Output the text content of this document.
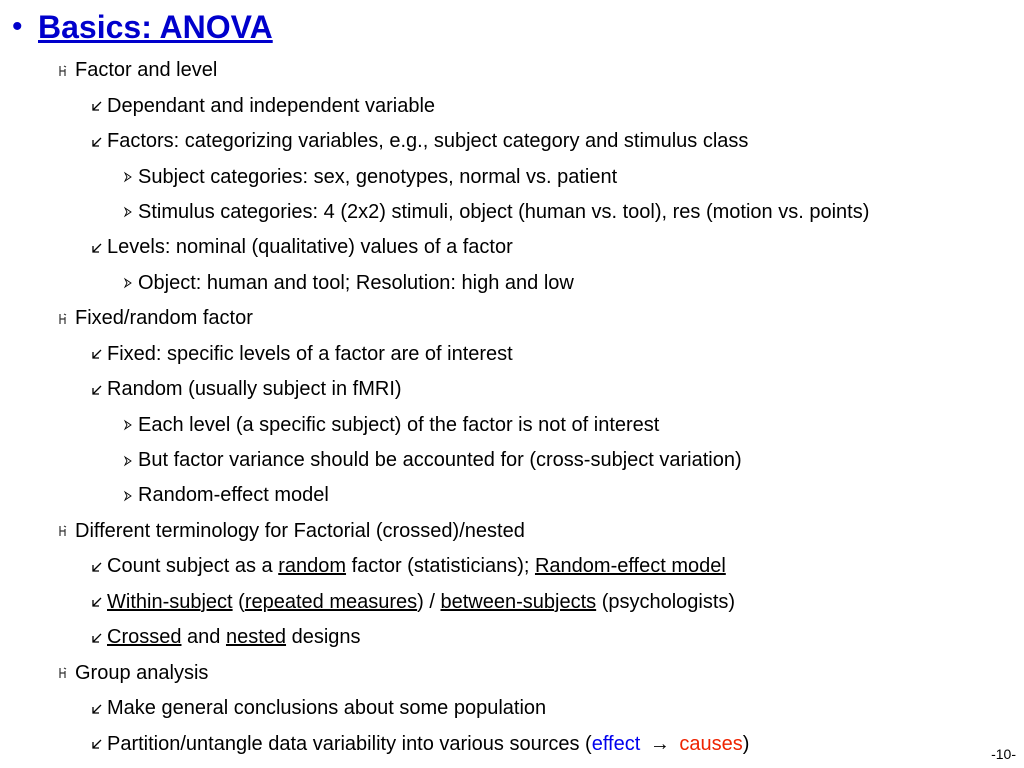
• Basics: ANOVA
Factor and level
Dependant and independent variable
Factors: categorizing variables, e.g., subject category and stimulus class
Subject categories: sex, genotypes, normal vs. patient
Stimulus categories: 4 (2x2) stimuli, object (human vs. tool), res (motion vs. points)
Levels: nominal (qualitative) values of a factor
Object: human and tool; Resolution: high and low
Fixed/random factor
Fixed: specific levels of a factor are of interest
Random (usually subject in fMRI)
Each level (a specific subject) of the factor is not of interest
But factor variance should be accounted for (cross-subject variation)
Random-effect model
Different terminology for Factorial (crossed)/nested
Count subject as a random factor (statisticians); Random-effect model
Within-subject (repeated measures) / between-subjects (psychologists)
Crossed and nested designs
Group analysis
Make general conclusions about some population
Partition/untangle data variability into various sources (effect → causes)	-10-
